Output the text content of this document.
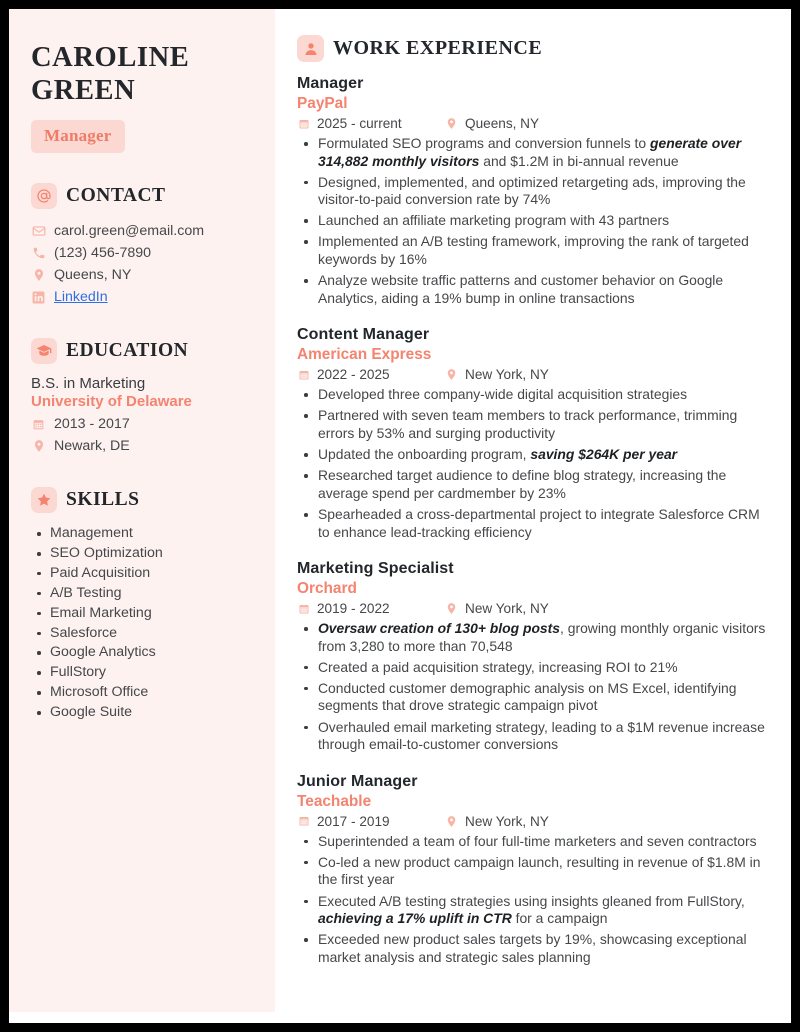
CAROLINE
GREEN
Manager
CONTACT
carol.green@email.com
(123) 456-7890
Queens, NY
LinkedIn
EDUCATION
B.S. in Marketing
University of Delaware
2013 - 2017
Newark, DE
SKILLS
Management
SEO Optimization
Paid Acquisition
A/B Testing
Email Marketing
Salesforce
Google Analytics
FullStory
Microsoft Office
Google Suite
WORK EXPERIENCE
Manager
PayPal
2025 - current	Queens, NY
Formulated SEO programs and conversion funnels to generate over 314,882 monthly visitors and $1.2M in bi-annual revenue
Designed, implemented, and optimized retargeting ads, improving the visitor-to-paid conversion rate by 74%
Launched an affiliate marketing program with 43 partners
Implemented an A/B testing framework, improving the rank of targeted keywords by 16%
Analyze website traffic patterns and customer behavior on Google Analytics, aiding a 19% bump in online transactions
Content Manager
American Express
2022 - 2025	New York, NY
Developed three company-wide digital acquisition strategies
Partnered with seven team members to track performance, trimming errors by 53% and surging productivity
Updated the onboarding program, saving $264K per year
Researched target audience to define blog strategy, increasing the average spend per cardmember by 23%
Spearheaded a cross-departmental project to integrate Salesforce CRM to enhance lead-tracking efficiency
Marketing Specialist
Orchard
2019 - 2022	New York, NY
Oversaw creation of 130+ blog posts, growing monthly organic visitors from 3,280 to more than 70,548
Created a paid acquisition strategy, increasing ROI to 21%
Conducted customer demographic analysis on MS Excel, identifying segments that drove strategic campaign pivot
Overhauled email marketing strategy, leading to a $1M revenue increase through email-to-customer conversions
Junior Manager
Teachable
2017 - 2019	New York, NY
Superintended a team of four full-time marketers and seven contractors
Co-led a new product campaign launch, resulting in revenue of $1.8M in the first year
Executed A/B testing strategies using insights gleaned from FullStory, achieving a 17% uplift in CTR for a campaign
Exceeded new product sales targets by 19%, showcasing exceptional market analysis and strategic sales planning
